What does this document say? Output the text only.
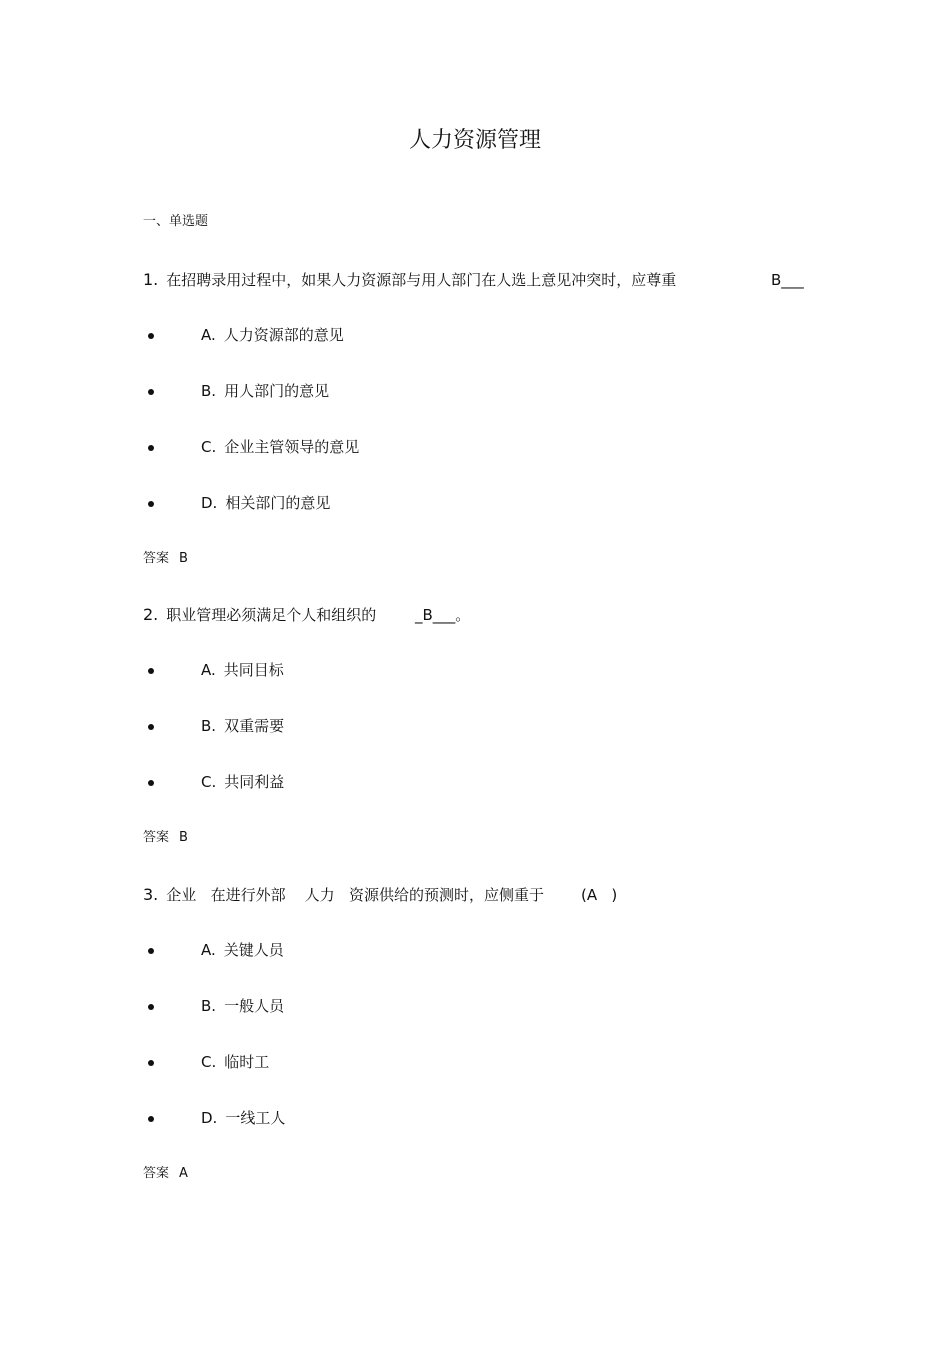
人力资源管理
一、单选题
1. 在招聘录用过程中，如果人力资源部与用人部门在人选上意见冲突时，应尊重	B___
A. 人力资源部的意见
B. 用人部门的意见
C. 企业主管领导的意见
D. 相关部门的意见
答案 B
2. 职业管理必须满足个人和组织的	_B___。
A. 共同目标
B. 双重需要
C. 共同利益
答案 B
3. 企业   在进行外部    人力   资源供给的预测时，应侧重于 (A   )
A. 关键人员
B. 一般人员
C. 临时工
D. 一线工人
答案 A
